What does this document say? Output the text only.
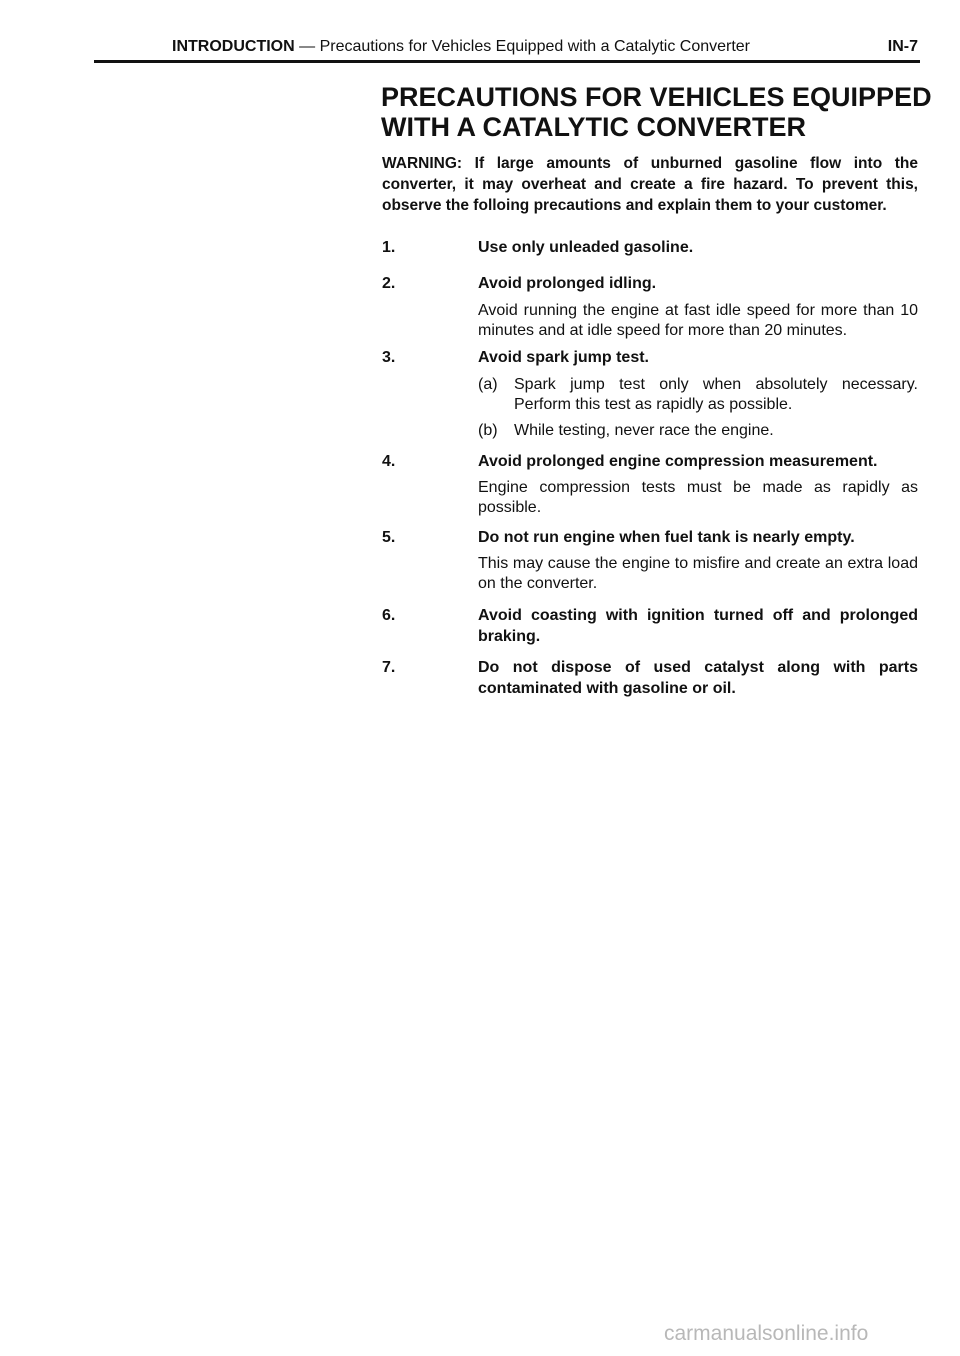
INTRODUCTION — Precautions for Vehicles Equipped with a Catalytic Converter	IN-7
PRECAUTIONS FOR VEHICLES EQUIPPED
WITH A CATALYTIC CONVERTER

WARNING: If large amounts of unburned gasoline flow into the converter, it may overheat and create a fire hazard. To prevent this, observe the folloing precautions and explain them to your customer.

1.	Use only unleaded gasoline.
2.	Avoid prolonged idling.
Avoid running the engine at fast idle speed for more than 10 minutes and at idle speed for more than 20 minutes.
3.	Avoid spark jump test.
(a) Spark jump test only when absolutely necessary. Perform this test as rapidly as possible.
(b) While testing, never race the engine.
4.	Avoid prolonged engine compression measurement.
Engine compression tests must be made as rapidly as possible.
5.	Do not run engine when fuel tank is nearly empty.
This may cause the engine to misfire and create an extra load on the converter.
6.	Avoid coasting with ignition turned off and prolonged braking.
7.	Do not dispose of used catalyst along with parts contaminated with gasoline or oil.
carmanualsonline.info
